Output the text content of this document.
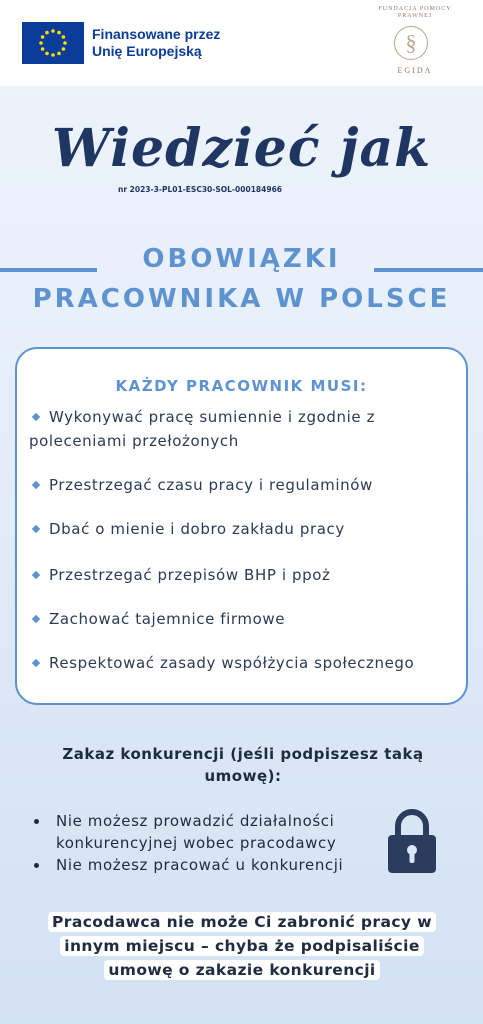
Finansowane przez
Unię Europejską
FUNDACJA POMOCY PRAWNEJ
§
EGIDA
Wiedzieć jak
nr 2023-3-PL01-ESC30-SOL-000184966
OBOWIĄZKI
PRACOWNIKA W POLSCE
KAŻDY PRACOWNIK MUSI:
Wykonywać pracę sumiennie i zgodnie z poleceniami przełożonych
Przestrzegać czasu pracy i regulaminów
Dbać o mienie i dobro zakładu pracy
Przestrzegać przepisów BHP i ppoż
Zachować tajemnice firmowe
Respektować zasady współżycia społecznego
Zakaz konkurencji (jeśli podpiszesz taką umowę):
Nie możesz prowadzić działalności konkurencyjnej wobec pracodawcy
Nie możesz pracować u konkurencji
Pracodawca nie może Ci zabronić pracy w innym miejscu – chyba że podpisaliście umowę o zakazie konkurencji
